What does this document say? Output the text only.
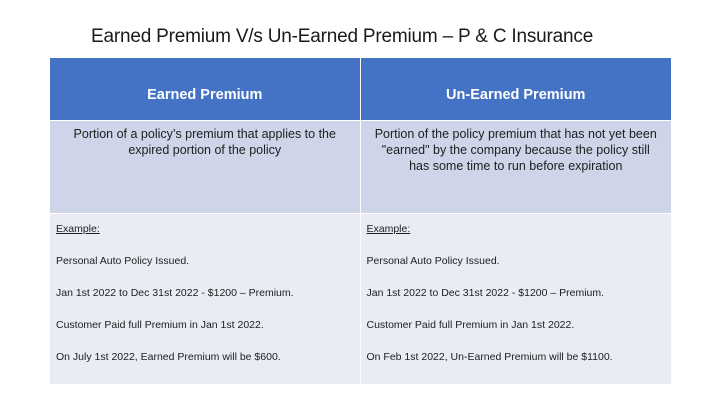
Earned Premium V/s Un-Earned Premium – P & C Insurance
Earned Premium	Un-Earned Premium
Portion of a policy’s premium that applies to the expired portion of the policy
Portion of the policy premium that has not yet been "earned" by the company because the policy still has some time to run before expiration
Example:
Personal Auto Policy Issued.
Jan 1st 2022 to Dec 31st 2022 - $1200 – Premium.
Customer Paid full Premium in Jan 1st 2022.
On July 1st 2022, Earned Premium will be $600.
Example:
Personal Auto Policy Issued.
Jan 1st 2022 to Dec 31st 2022 - $1200 – Premium.
Customer Paid full Premium in Jan 1st 2022.
On Feb 1st 2022, Un-Earned Premium will be $1100.
